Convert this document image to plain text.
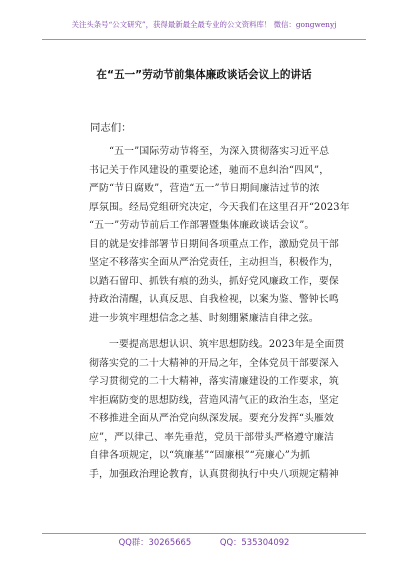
关注头条号“公文研究”，获得最新最全最专业的公文资料库！ 微信：gongwenyj
在“五一”劳动节前集体廉政谈话会议上的讲话
同志们：
　　“五一”国际劳动节将至，为深入贯彻落实习近平总
书记关于作风建设的重要论述，驰而不息纠治“四风”，
严防“节日腐败”，营造“五一”节日期间廉洁过节的浓
厚氛围。经局党组研究决定，今天我们在这里召开“2023年
“五一”劳动节前后工作部署暨集体廉政谈话会议”。
目的就是安排部署节日期间各项重点工作，激励党员干部
坚定不移落实全面从严治党责任，主动担当，积极作为，
以踏石留印、抓铁有痕的劲头，抓好党风廉政工作，要保
持政治清醒，认真反思、自我检视，以案为鉴、警钟长鸣
进一步筑牢理想信念之基、时刻绷紧廉洁自律之弦。
　　一要提高思想认识、筑牢思想防线。2023年是全面贯
彻落实党的二十大精神的开局之年，全体党员干部要深入
学习贯彻党的二十大精神，落实清廉建设的工作要求，筑
牢拒腐防变的思想防线，营造风清气正的政治生态，坚定
不移推进全面从严治党向纵深发展。要充分发挥“头雁效
应”，严以律己、率先垂范，党员干部带头严格遵守廉洁
自律各项规定，以“筑廉基”“固廉根”“亮廉心”为抓
手，加强政治理论教育，认真贯彻执行中央八项规定精神
QQ群：30265665	QQ：535304092
